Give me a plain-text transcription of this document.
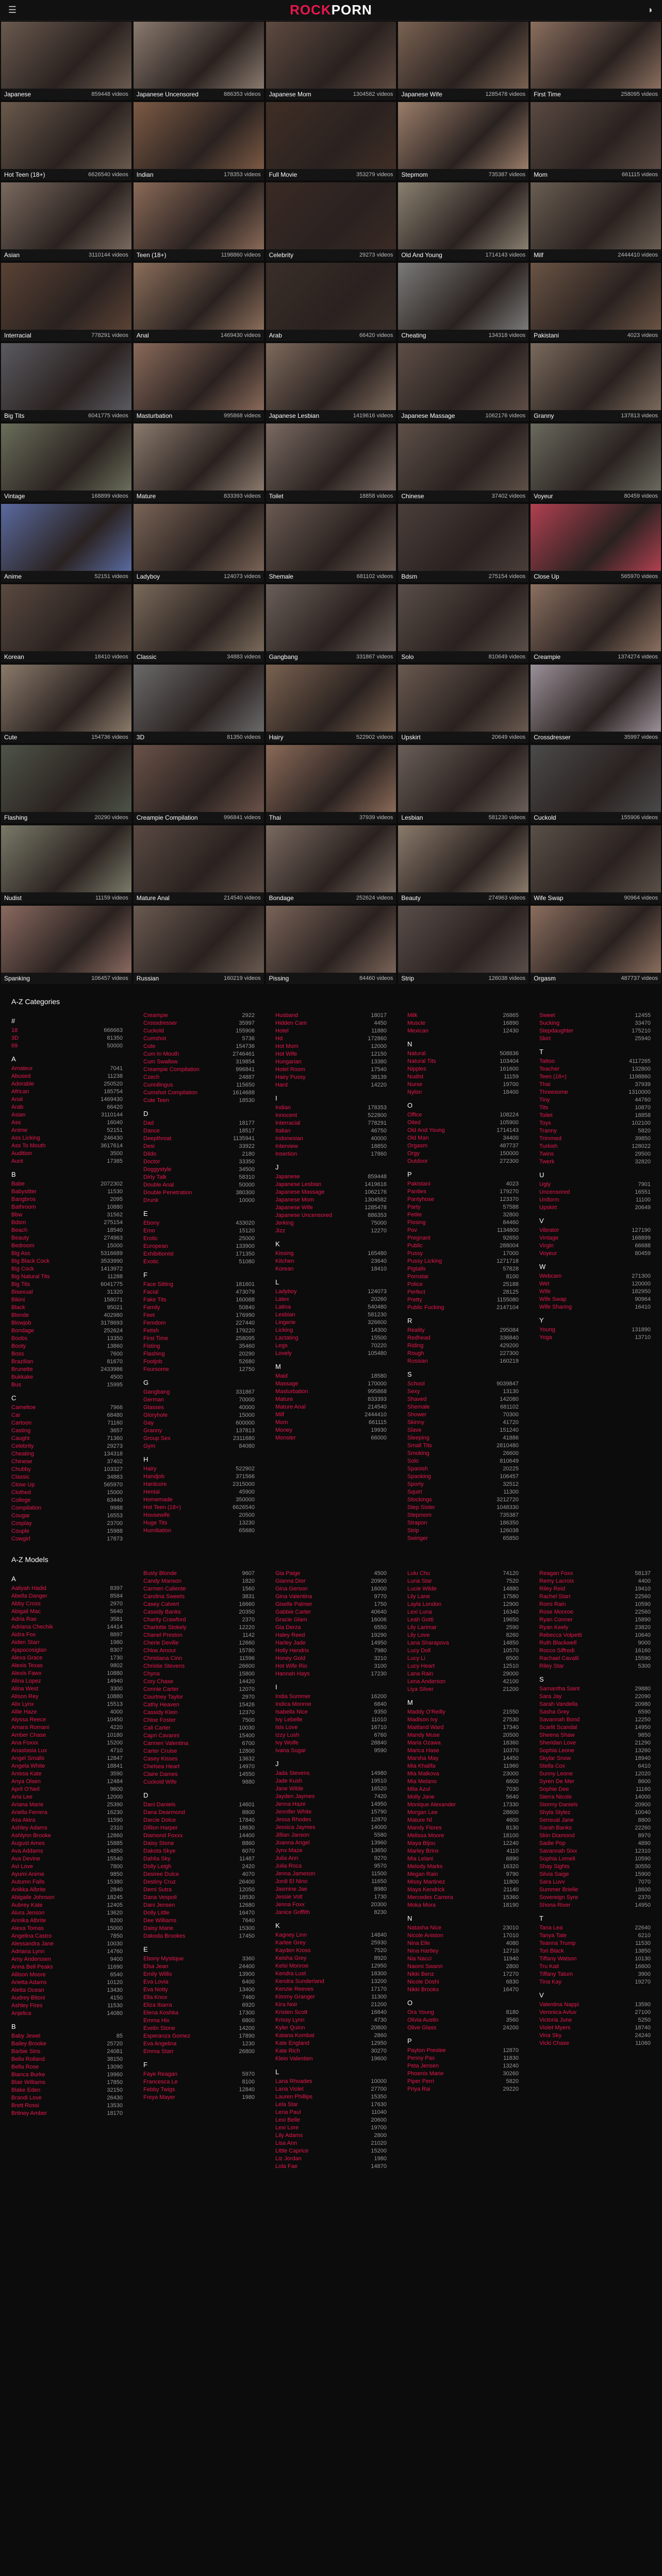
☰	ROCKPORN	◑
Japanese	859448 videos Japanese Uncensored	886353 videos Japanese Mom	1304582 videos Japanese Wife	1285478 videos First Time	258095 videos
Hot Teen (18+)	6626540 videos Indian	178353 videos Full Movie	353279 videos Stepmom	735387 videos Mom	661115 videos
Asian	3110144 videos Teen (18+)	1198860 videos Celebrity	29273 videos Old And Young	1714143 videos Milf	2444410 videos
Interracial	778291 videos Anal	1469430 videos Arab	66420 videos Cheating	134318 videos Pakistani	4023 videos
Big Tits	6041775 videos Masturbation	995868 videos Japanese Lesbian	1419616 videos Japanese Massage	1062176 videos Granny	137813 videos
Vintage	168899 videos Mature	833393 videos Toilet	18858 videos Chinese	37402 videos Voyeur	80459 videos
Anime	52151 videos Ladyboy	124073 videos Shemale	681102 videos Bdsm	275154 videos Close Up	565970 videos
Korean	18410 videos Classic	34883 videos Gangbang	331867 videos Solo	810649 videos Creampie	1374274 videos
Cute	154736 videos 3D	81350 videos Hairy	522902 videos Upskirt	20649 videos Crossdresser	35997 videos
Flashing	20290 videos Creampie Compilation	996841 videos Thai	37939 videos Lesbian	581230 videos Cuckold	155906 videos
Nudist	11159 videos Mature Anal	214540 videos Bondage	252624 videos Beauty	274963 videos Wife Swap	90964 videos
Spanking	106457 videos Russian	160219 videos Pissing	84460 videos Strip	126038 videos Orgasm	487737 videos
A-Z Categories
#
18	666663
3D	81350
69	50000
A
Amateur	7041
Abused	11238
Adorable	250520
African	185754
Anal	1469430
Arab	66420
Asian	3110144
Ass	16040
Anime	52151
Ass Licking	246430
Ass To Mouth	3617614
Audition	3500
Aunt	17385
B
Babe	2072302
Babysitter	11530
Bangbros	2095
Bathroom	10880
Bbw	31562
Bdsm	275154
Beach	18540
Beauty	274963
Bedroom	15000
Big Ass	5316689
Big Black Cock	3533990
Big Cock	1413972
Big Natural Tits	11288
Big Tits	6041775
Bisexual	31320
Bikini	158071
Black	95021
Blonde	402980
Blowjob	3178693
Bondage	252624
Boobs	13350
Booty	13860
Boss	7600
Brazilian	81670
Brunette	2433986
Bukkake	4500
Bus	15995
C
Cameltoe	7966
Car	68480
Cartoon	71160
Casting	3657
Caught	71360
Celebrity	29273
Cheating	134318
Chinese	37402
Chubby	103327
Classic	34883
Close Up	565970
Clothed	15000
College	63440
Compilation	9988
Cougar	16553
Cosplay	23700
Couple	15988
Cowgirl	17873
Creampie	2922
Crossdresser	35997
Cuckold	155906
Cumshot	5736
Cute	154736
Cum In Mouth	2746461
Cum Swallow	319854
Creampie Compilation	996841
Czech	24887
Cunnilingus	115650
Cumshot Compilation	1614688
Cute Teen	18530
D
Dad	18177
Dance	18517
Deepthroat	1135941
Desi	33922
Dildo	2180
Doctor	33350
Doggystyle	34500
Dirty Talk	58310
Double Anal	50000
Double Penetration	380300
Drunk	10000
E
Ebony	433020
Emo	15120
Erotic	25000
European	133900
Exhibitionist	171350
Exotic	51080
F
Face Sitting	181601
Facial	473079
Fake Tits	160088
Family	50840
Feet	176990
Femdom	227440
Fetish	179220
First Time	258095
Fisting	35460
Flashing	20290
Footjob	52680
Foursome	12750
G
Gangbang	331867
German	70000
Glasses	40000
Gloryhole	15000
Gay	600000
Granny	137813
Group Sex	2311680
Gym	84080
H
Hairy	522902
Handjob	371566
Hardcore	2315000
Hentai	45900
Homemade	350000
Hot Teen (18+)	6626540
Housewife	20500
Huge Tits	13230
Humiliation	65680
Husband	18017
Hidden Cam	4450
Hotel	11880
Hd	172860
Hot Mom	12000
Hot Wife	12150
Hungarian	13380
Hotel Room	17540
Hairy Pussy	38139
Hard	14220
I
Indian	178353
Innocent	522800
Interracial	778291
Italian	46750
Indonesian	40000
Interview	18850
Insertion	17860
J
Japanese	859448
Japanese Lesbian	1419616
Japanese Massage	1062176
Japanese Mom	1304582
Japanese Wife	1285478
Japanese Uncensored	886353
Jerking	75000
Jizz	12270
K
Kissing	165480
Kitchen	23640
Korean	18410
L
Ladyboy	124073
Latex	20260
Latina	540480
Lesbian	581230
Lingerie	326600
Licking	14300
Lactating	15500
Legs	70220
Lovely	105480
M
Maid	18580
Massage	170000
Masturbation	995868
Mature	833393
Mature Anal	214540
Milf	2444410
Mom	661115
Money	19930
Monster	66000
Milk	26865
Muscle	16890
Mexican	12430
N
Natural	508836
Natural Tits	103404
Nipples	161600
Nudist	11159
Nurse	19700
Nylon	18400
O
Office	108224
Oiled	105900
Old And Young	1714143
Old Man	34400
Orgasm	487737
Orgy	150000
Outdoor	272300
P
Pakistani	4023
Panties	179270
Pantyhose	123370
Party	57588
Petite	32800
Pissing	84460
Pov	1134800
Pregnant	92650
Public	288004
Pussy	17000
Pussy Licking	1271718
Pigtails	57828
Pornstar	8100
Police	25188
Perfect	28125
Pretty	1155080
Public Fucking	2147104
R
Reality	295084
Redhead	336840
Riding	429200
Rough	227300
Russian	160219
S
School	9039847
Sexy	13130
Shaved	142080
Shemale	681102
Shower	70300
Skinny	41720
Slave	151240
Sleeping	41886
Small Tits	2810480
Smoking	26600
Solo	810649
Spanish	20225
Spanking	106457
Sporty	32512
Squirt	11300
Stockings	3212720
Step Sister	1048330
Stepmom	735387
Strapon	186350
Strip	126038
Swinger	65850
Sweet	12455
Sucking	33470
Stepdaughter	175210
Skirt	25940
T
Tattoo	4117265
Teacher	132800
Teen (18+)	1198860
Thai	37939
Threesome	1310000
Tiny	44760
Tits	10870
Toilet	18858
Toys	102100
Tranny	5820
Trimmed	39850
Turkish	128022
Twins	29500
Twerk	32820
U
Ugly	7901
Uncensored	16551
Uniform	11100
Upskirt	20649
V
Vibrator	127190
Vintage	168899
Virgin	66688
Voyeur	80459
W
Webcam	271300
Wet	120000
Wife	182950
Wife Swap	90964
Wife Sharing	16410
Y
Young	131890
Yoga	13710
A-Z Models
A
Aaliyah Hadid	8397
Abella Danger	8584
Abby Cross	2970
Abigail Mac	5640
Adria Rae	3581
Adriana Chechik	14414
Aidra Fox	8897
Aiden Starr	1980
Ajapocosiglan	8307
Alexa Grace	1730
Alexis Texas	9802
Alexis Fawx	10880
Alina Lopez	14940
Alina West	3300
Alison Rey	10880
Alix Lynx	15513
Allie Haze	4000
Alyssa Reece	10450
Amara Romani	4220
Amber Chase	10180
Ana Foxxx	15200
Anastasia Lux	4710
Angel Smalls	12847
Angela White	18841
Anissa Kate	3590
Anya Olsen	12484
April O'Neil	9600
Aria Lee	12000
Ariana Marie	25390
Ariella Ferrera	16230
Asa Akira	11590
Ashley Adams	2310
Ashlynn Brooke	12860
August Ames	15885
Ava Addams	14850
Ava Devine	15540
Avi Love	7800
Ayumi Anime	9850
Autumn Falls	15380
Anikka Albrite	2840
Abigaile Johnson	18245
Aubrey Kate	12405
Alura Jenson	13620
Annika Albrite	8200
Alexa Tomas	15000
Angelina Castro	7850
Alessandra Jane	10030
Adriana Lynn	14760
Amy Anderssen	9400
Anna Bell Peaks	11690
Allison Moore	6540
Arietta Adams	10120
Aletta Ocean	13430
Audrey Bitoni	4150
Ashley Fires	11530
Anjelica	14080
B
Baby Jewel	85
Bailey Brooke	25720
Barbie Sins	24081
Bella Rolland	38150
Bella Rose	13090
Bianca Burke	19960
Blair Williams	17850
Blake Eden	32150
Brandi Love	26430
Brett Rossi	13530
Britney Amber	18170
Busty Blonde	9607
Candy Manson	1820
Carmen Caliente	1560
Carolina Sweets	3831
Casey Calvert	16660
Cassidy Banks	20350
Charity Crawford	2370
Charlotte Stokely	12220
Chanel Preston	1142
Cherie Deville	12660
Chloe Amour	15780
Christiana Cinn	11596
Christie Stevens	26600
Chyna	15800
Cory Chase	14420
Connie Carter	12070
Courtney Taylor	2970
Cathy Heaven	15426
Cassidy Klein	12370
Chloe Foster	7500
Cali Carter	10030
Capri Cavanni	15400
Carmen Valentina	6700
Carter Cruise	12800
Casey Kisses	13632
Chelsea Heart	14970
Claire Dames	14550
Cuckold Wife	9880
D
Dani Daniels	14601
Dana Dearmond	8800
Darcie Dolce	17840
Dillion Harper	18630
Diamond Foxxx	14400
Daisy Stone	8860
Dakota Skye	6070
Dahlia Sky	11487
Dolly Leigh	2420
Desiree Dulce	4070
Destiny Cruz	26400
Demi Sutra	12050
Dana Vespoli	18530
Dani Jensen	12680
Dolly Little	16470
Dee Williams	7640
Daisy Marie	15300
Dakoda Brookes	17450
E
Ebony Mystique	3360
Elsa Jean	24400
Emily Willis	13900
Eva Lovia	6400
Eva Notty	13400
Ella Knox	7460
Eliza Ibarra	6920
Elena Koshka	17300
Emma Hix	6800
Evelin Stone	14200
Esperanza Gomez	17890
Eva Angelina	1230
Emma Starr	26800
F
Faye Reagan	5970
Francesca Le	8100
Febby Twigs	12840
Freya Mayer	1980
Gia Paige	4500
Gianna Dior	20900
Gina Gerson	16000
Gina Valentina	9770
Giselle Palmer	1750
Gabbie Carter	40640
Gracie Glam	16006
Gia Derza	6550
Haley Reed	19290
Harley Jade	14950
Holly Hendrix	7980
Honey Gold	3210
Hot Wife Rio	3100
Hannah Hays	17230
I
India Summer	16200
Indica Monroe	6840
Isabella Nice	9350
Ivy Lebelle	11010
Isis Love	16710
Izzy Lush	6760
Ivy Wolfe	28840
Ivana Sugar	9590
J
Jada Stevens	14980
Jade Kush	19510
Jane Wilde	16520
Jayden Jaymes	7420
Jenna Haze	14950
Jennifer White	15790
Jessa Rhodes	12870
Jessica Jaymes	14000
Jillian Janson	5580
Joanna Angel	13960
Jynx Maze	13650
Julia Ann	9270
Julia Roca	9570
Jenna Jameson	11500
Jordi El Nino	11650
Jasmine Jae	8980
Jessie Volt	1730
Jenna Foxx	20300
Janice Griffith	8230
K
Kagney Linn	14840
Karlee Grey	25930
Kayden Kross	7520
Keisha Grey	8920
Kelsi Monroe	12950
Kendra Lust	18300
Kendra Sunderland	13200
Kenzie Reeves	17170
Kimmy Granger	11300
Kira Noir	21200
Kristen Scott	16840
Krissy Lynn	4730
Kyler Quinn	20800
Katana Kombat	2860
Kate England	12950
Kate Rich	30270
Kleio Valentien	19600
L
Lana Rhoades	10000
Lana Violet	27700
Lauren Phillips	15350
Lela Star	17630
Lena Paul	11040
Lexi Belle	20600
Lexi Lore	19700
Lily Adams	2800
Lisa Ann	21020
Little Caprice	15200
Liz Jordan	1980
Lola Fae	14870
Lulu Chu	74120
Luna Star	7520
Lucie Wilde	14880
Lily Lane	17580
Layla London	12900
Lexi Luna	16340
Leah Gotti	19650
Lily Larimar	2590
Lily Love	8260
Lana Sharapova	14850
Lucy Doll	10570
Lucy Li	6500
Lucy Heart	12510
Lana Rain	29000
Lena Anderson	42100
Liya Silver	21200
M
Maddy O'Reilly	21550
Madison Ivy	27530
Maitland Ward	17340
Mandy Muse	20500
Maria Ozawa	18360
Marica Hase	10370
Marsha May	14450
Mia Khalifa	11960
Mia Malkova	23000
Mia Melano	6600
Mila Azul	7030
Molly Jane	5640
Monique Alexander	17330
Morgan Lee	28600
Mature Nl	4600
Mandy Flores	8130
Melissa Moore	18100
Maya Bijou	12240
Marley Brinx	4110
Mia Lelani	6890
Melody Marks	16320
Megan Rain	9790
Missy Martinez	11800
Maya Kendrick	21140
Mercedes Carrera	15360
Moka Mora	18190
N
Natasha Nice	23010
Nicole Aniston	17010
Nina Elle	4080
Nina Hartley	12710
Nia Nacci	11940
Naomi Swann	2800
Nikki Benz	17270
Nicole Doshi	6830
Nikki Brooks	16470
O
Ora Young	8180
Olivia Austin	3560
Olive Glass	24200
P
Payton Preslee	12870
Penny Pax	11830
Peta Jensen	13240
Phoenix Marie	30260
Piper Perri	5820
Priya Rai	29220
Reagan Foxx	58137
Remy Lacroix	4400
Riley Reid	19410
Rachel Starr	22560
Romi Rain	10590
Rose Monroe	22560
Ryan Conner	15890
Ryan Keely	23820
Rebecca Volpetti	10640
Ruth Blackwell	9000
Rocco Siffredi	16160
Rachael Cavalli	15590
Riley Star	5300
S
Samantha Saint	29880
Sara Jay	22090
Sarah Vandella	20980
Sasha Grey	6590
Savannah Bond	12250
Scarlit Scandal	14950
Sheena Shaw	9850
Sheridan Love	21290
Sophia Leone	13260
Skylar Snow	18940
Stella Cox	6410
Sunny Leone	12020
Syren De Mer	8600
Sophie Dee	11160
Sierra Nicole	14000
Stormy Daniels	20900
Shyla Stylez	10040
Sensual Jane	8800
Sarah Banks	22260
Skin Diamond	8970
Sadie Pop	4890
Savannah Sixx	12310
Sophia Lomeli	10590
Shay Sights	30550
Silvia Saige	15900
Sara Luvv	7070
Summer Brielle	18600
Sovereign Syre	2370
Shona River	14950
T
Tana Lea	22640
Tanya Tate	6210
Teanna Trump	11530
Tori Black	13850
Tiffany Watson	10130
Tru Kait	16600
Tiffany Tatum	3900
Tina Kay	19270
V
Valentina Nappi	13590
Veronica Avluv	27100
Victoria June	5250
Violet Myers	18740
Vina Sky	24240
Vicki Chase	11060
